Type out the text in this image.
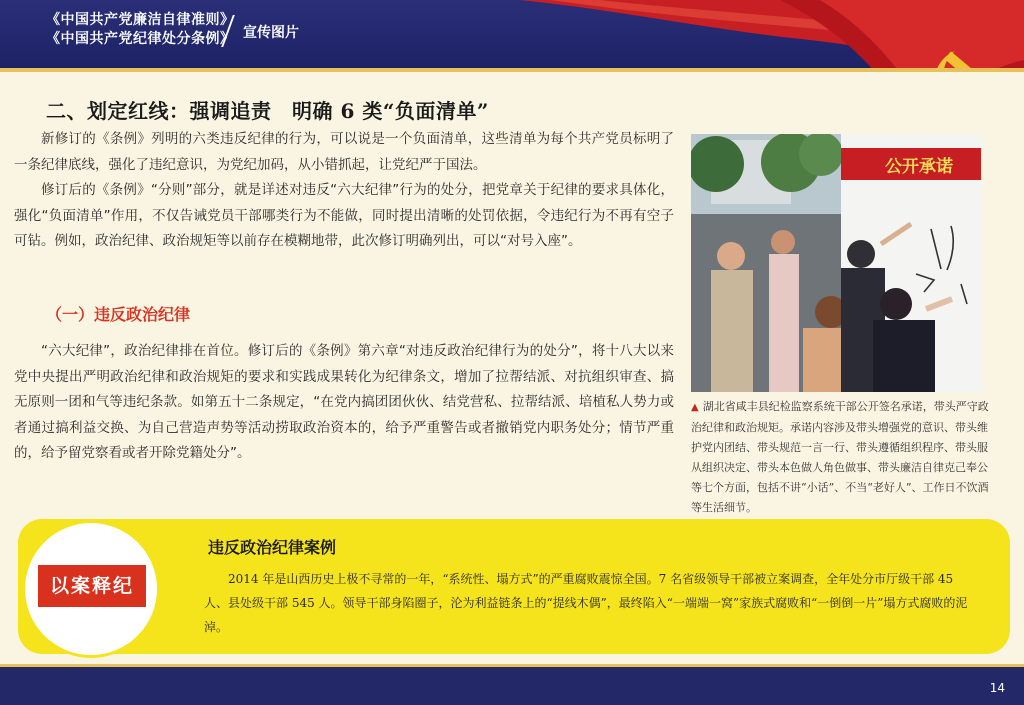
《中国共产党廉洁自律准则》
《中国共产党纪律处分条例》 宣传图片
二、划定红线：强调追责　明确 6 类“负面清单”

新修订的《条例》列明的六类违反纪律的行为，可以说是一个负面清单，这些清单为每个共产党员标明了一条纪律底线，强化了违纪意识，为党纪加码，从小错抓起，让党纪严于国法。

修订后的《条例》“分则”部分，就是详述对违反“六大纪律”行为的处分，把党章关于纪律的要求具体化，强化“负面清单”作用，不仅告诫党员干部哪类行为不能做，同时提出清晰的处罚依据，令违纪行为不再有空子可钻。例如，政治纪律、政治规矩等以前存在模糊地带，此次修订明确列出，可以“对号入座”。

（一）违反政治纪律

“六大纪律”，政治纪律排在首位。修订后的《条例》第六章“对违反政治纪律行为的处分”，将十八大以来党中央提出严明政治纪律和政治规矩的要求和实践成果转化为纪律条文，增加了拉帮结派、对抗组织审查、搞无原则一团和气等违纪条款。如第五十二条规定，“在党内搞团团伙伙、结党营私、拉帮结派、培植私人势力或者通过搞利益交换、为自己营造声势等活动捞取政治资本的，给予严重警告或者撤销党内职务处分；情节严重的，给予留党察看或者开除党籍处分”。

公开承诺
▲ 湖北省咸丰县纪检监察系统干部公开签名承诺，带头严守政治纪律和政治规矩。承诺内容涉及带头增强党的意识、带头维护党内团结、带头规范一言一行、带头遵循组织程序、带头服从组织决定、带头本色做人角色做事、带头廉洁自律克己奉公等七个方面，包括不讲“小话”、不当“老好人”、工作日不饮酒等生活细节。
以案释纪
违反政治纪律案例

2014 年是山西历史上极不寻常的一年，“系统性、塌方式”的严重腐败震惊全国。7 名省级领导干部被立案调查，全年处分市厅级干部 45 人、县处级干部 545 人。领导干部身陷圈子，沦为利益链条上的“提线木偶”，最终陷入“一端端一窝”家族式腐败和“一倒倒一片”塌方式腐败的泥淖。

14
